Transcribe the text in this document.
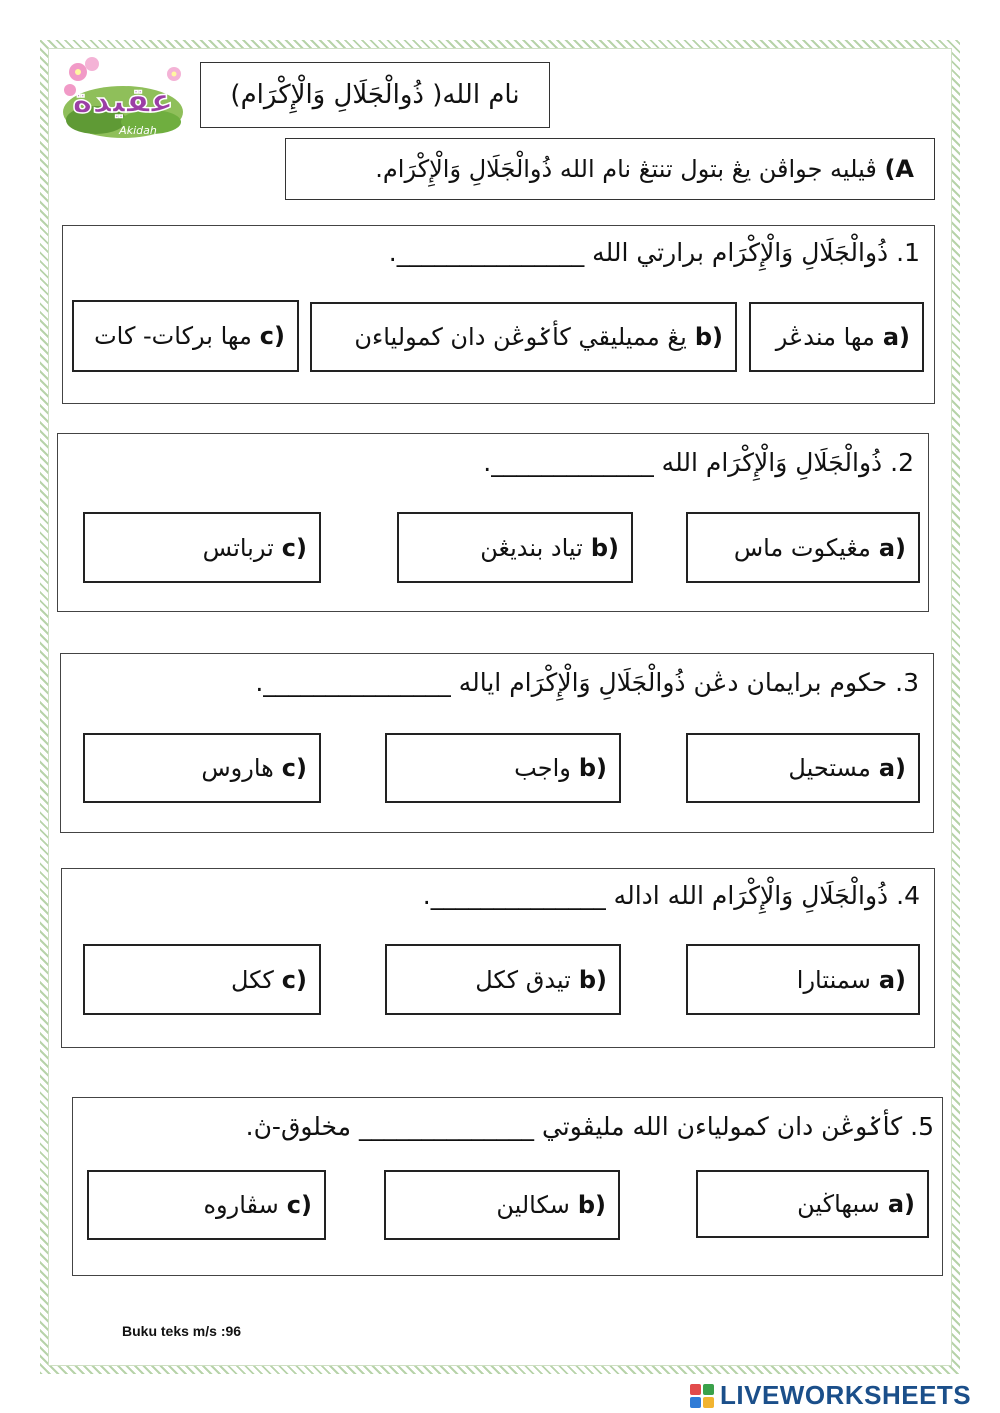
عقيدة
Akidah
نام الله( ذُوالْجَلَالِ وَالْإِكْرَام)
A) ڤيليه جواڤن يڠ بتول تنتڠ نام الله ذُوالْجَلَالِ وَالْإِكْرَام.
1. ذُوالْجَلَالِ وَالْإِكْرَام برارتي الله _______________.
مها مندڠر a)
يڠ مميليقي كأݢوڠن دان كمولياءن b)
مها بركات- كات c)
2. ذُوالْجَلَالِ وَالْإِكْرَام الله _____________.
مڠيكوت ماس a)
تياد بنديڠن b)
ترباتس c)
3. حكوم برايمان دڠن ذُوالْجَلَالِ وَالْإِكْرَام اياله _______________.
مستحيل a)
واجب b)
هاروس c)
4. ذُوالْجَلَالِ وَالْإِكْرَام الله اداله ______________.
سمنتارا a)
تيدق ككل b)
ككل c)
5. كأݢوڠن دان كمولياءن الله مليڤوتي ______________ مخلوق-ڽ.
سبهاڬين a)
سكالين b)
سڤاروه c)
Buku teks m/s :96
LIVEWORKSHEETS
